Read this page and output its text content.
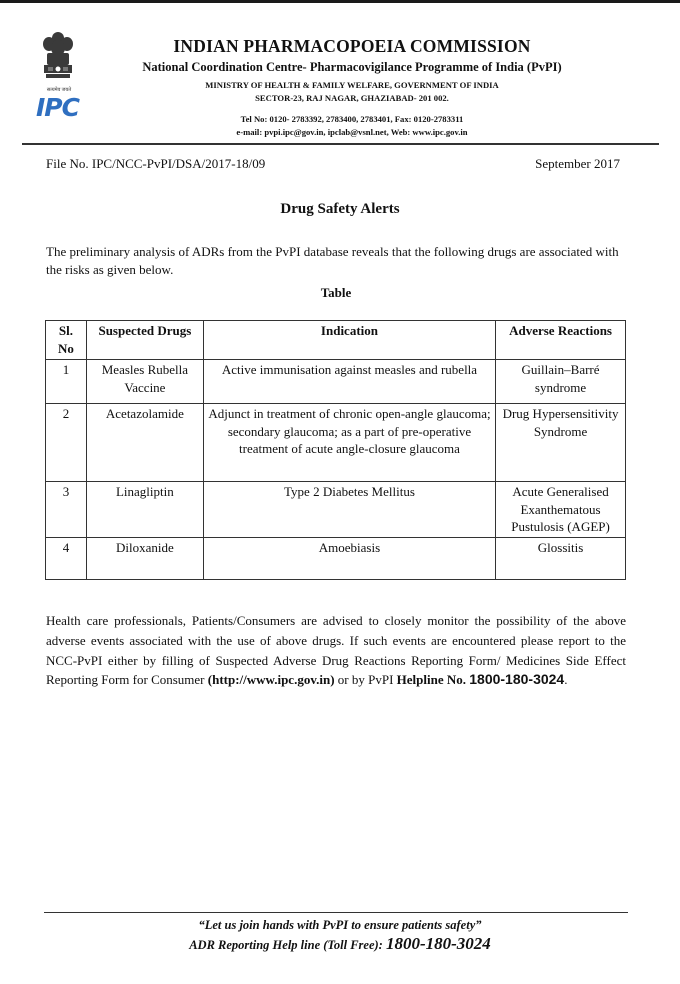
सत्यमेव जयते
IPC
INDIAN PHARMACOPOEIA COMMISSION
National Coordination Centre- Pharmacovigilance Programme of India (PvPI)
MINISTRY OF HEALTH & FAMILY WELFARE, GOVERNMENT OF INDIA
SECTOR-23, RAJ NAGAR, GHAZIABAD- 201 002.
Tel No: 0120- 2783392, 2783400, 2783401, Fax: 0120-2783311
e-mail: pvpi.ipc@gov.in, ipclab@vsnl.net, Web: www.ipc.gov.in
File No. IPC/NCC-PvPI/DSA/2017-18/09	September 2017
Drug Safety Alerts
The preliminary analysis of ADRs from the PvPI database reveals that the following drugs are associated with the risks as given below.
Table
Sl. No	Suspected Drugs	Indication	Adverse Reactions
1	Measles Rubella Vaccine	Active immunisation against measles and rubella	Guillain–Barré syndrome
2	Acetazolamide	Adjunct in treatment of chronic open-angle glaucoma; secondary glaucoma; as a part of pre-operative treatment of acute angle-closure glaucoma	Drug Hypersensitivity Syndrome
3	Linagliptin	Type 2 Diabetes Mellitus	Acute Generalised Exanthematous Pustulosis (AGEP)
4	Diloxanide	Amoebiasis	Glossitis
Health care professionals, Patients/Consumers are advised to closely monitor the possibility of the above adverse events associated with the use of above drugs. If such events are encountered please report to the NCC-PvPI either by filling of Suspected Adverse Drug Reactions Reporting Form/ Medicines Side Effect Reporting Form for Consumer (http://www.ipc.gov.in) or by PvPI Helpline No. 1800-180-3024.
“Let us join hands with PvPI to ensure patients safety”
ADR Reporting Help line (Toll Free): 1800-180-3024
